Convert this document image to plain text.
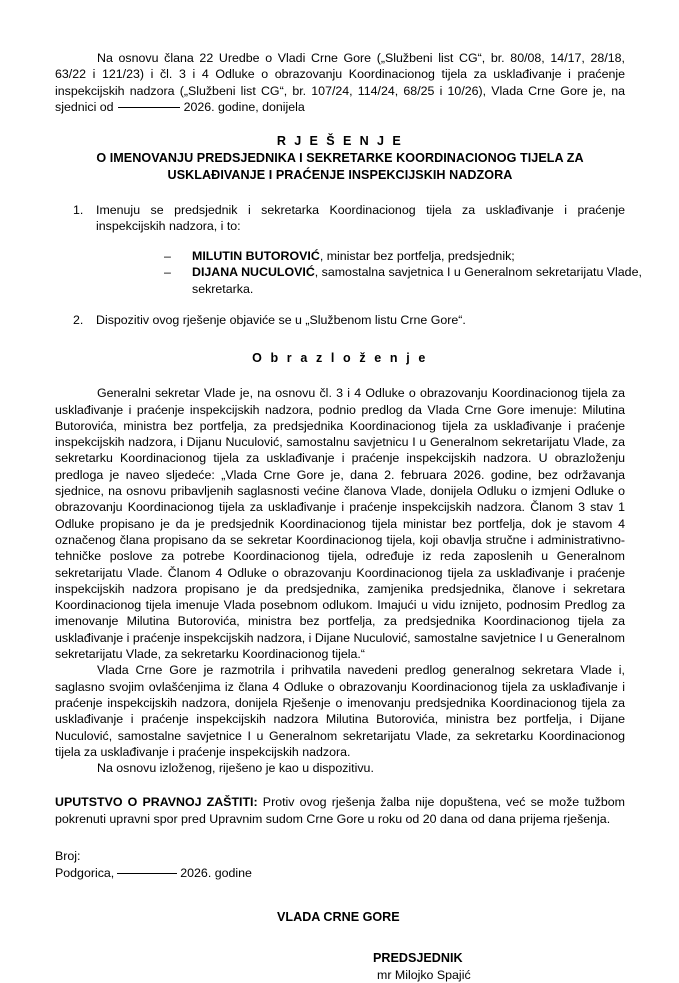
Na osnovu člana 22 Uredbe o Vladi Crne Gore („Službeni list CG“, br. 80/08, 14/17, 28/18, 63/22 i 121/23) i čl. 3 i 4 Odluke o obrazovanju Koordinacionog tijela za usklađivanje i praćenje inspekcijskih nadzora („Službeni list CG“, br. 107/24, 114/24, 68/25 i 10/26), Vlada Crne Gore je, na sjednici od	2026. godine, donijela
R J E Š E N J E
O IMENOVANJU PREDSJEDNIKA I SEKRETARKE KOORDINACIONOG TIJELA ZA USKLAĐIVANJE I PRAĆENJE INSPEKCIJSKIH NADZORA
1. Imenuju se predsjednik i sekretarka Koordinacionog tijela za usklađivanje i praćenje inspekcijskih nadzora, i to:
– MILUTIN BUTOROVIĆ, ministar bez portfelja, predsjednik;
– DIJANA NUCULOVIĆ, samostalna savjetnica I u Generalnom sekretarijatu Vlade, sekretarka.
2. Dispozitiv ovog rješenje objaviće se u „Službenom listu Crne Gore“.
O b r a z l o ž e n j e

Generalni sekretar Vlade je, na osnovu čl. 3 i 4 Odluke o obrazovanju Koordinacionog tijela za usklađivanje i praćenje inspekcijskih nadzora, podnio predlog da Vlada Crne Gore imenuje: Milutina Butorovića, ministra bez portfelja, za predsjednika Koordinacionog tijela za usklađivanje i praćenje inspekcijskih nadzora, i Dijanu Nuculović, samostalnu savjetnicu I u Generalnom sekretarijatu Vlade, za sekretarku Koordinacionog tijela za usklađivanje i praćenje inspekcijskih nadzora. U obrazloženju predloga je naveo sljedeće: „Vlada Crne Gore je, dana 2. februara 2026. godine, bez održavanja sjednice, na osnovu pribavljenih saglasnosti većine članova Vlade, donijela Odluku o izmjeni Odluke o obrazovanju Koordinacionog tijela za usklađivanje i praćenje inspekcijskih nadzora. Članom 3 stav 1 Odluke propisano je da je predsjednik Koordinacionog tijela ministar bez portfelja, dok je stavom 4 označenog člana propisano da se sekretar Koordinacionog tijela, koji obavlja stručne i administrativno-tehničke poslove za potrebe Koordinacionog tijela, određuje iz reda zaposlenih u Generalnom sekretarijatu Vlade. Članom 4 Odluke o obrazovanju Koordinacionog tijela za usklađivanje i praćenje inspekcijskih nadzora propisano je da predsjednika, zamjenika predsjednika, članove i sekretara Koordinacionog tijela imenuje Vlada posebnom odlukom. Imajući u vidu iznijeto, podnosim Predlog za imenovanje Milutina Butorovića, ministra bez portfelja, za predsjednika Koordinacionog tijela za usklađivanje i praćenje inspekcijskih nadzora, i Dijane Nuculović, samostalne savjetnice I u Generalnom sekretarijatu Vlade, za sekretarku Koordinacionog tijela.“

Vlada Crne Gore je razmotrila i prihvatila navedeni predlog generalnog sekretara Vlade i, saglasno svojim ovlašćenjima iz člana 4 Odluke o obrazovanju Koordinacionog tijela za usklađivanje i praćenje inspekcijskih nadzora, donijela Rješenje o imenovanju predsjednika Koordinacionog tijela za usklađivanje i praćenje inspekcijskih nadzora Milutina Butorovića, ministra bez portfelja, i Dijane Nuculović, samostalne savjetnice I u Generalnom sekretarijatu Vlade, za sekretarku Koordinacionog tijela za usklađivanje i praćenje inspekcijskih nadzora.

Na osnovu izloženog, riješeno je kao u dispozitivu.

UPUTSTVO O PRAVNOJ ZAŠTITI: Protiv ovog rješenja žalba nije dopuštena, već se može tužbom pokrenuti upravni spor pred Upravnim sudom Crne Gore u roku od 20 dana od dana prijema rješenja.
Broj:
Podgorica,	2026. godine
VLADA CRNE GORE
PREDSJEDNIK
mr Milojko Spajić
